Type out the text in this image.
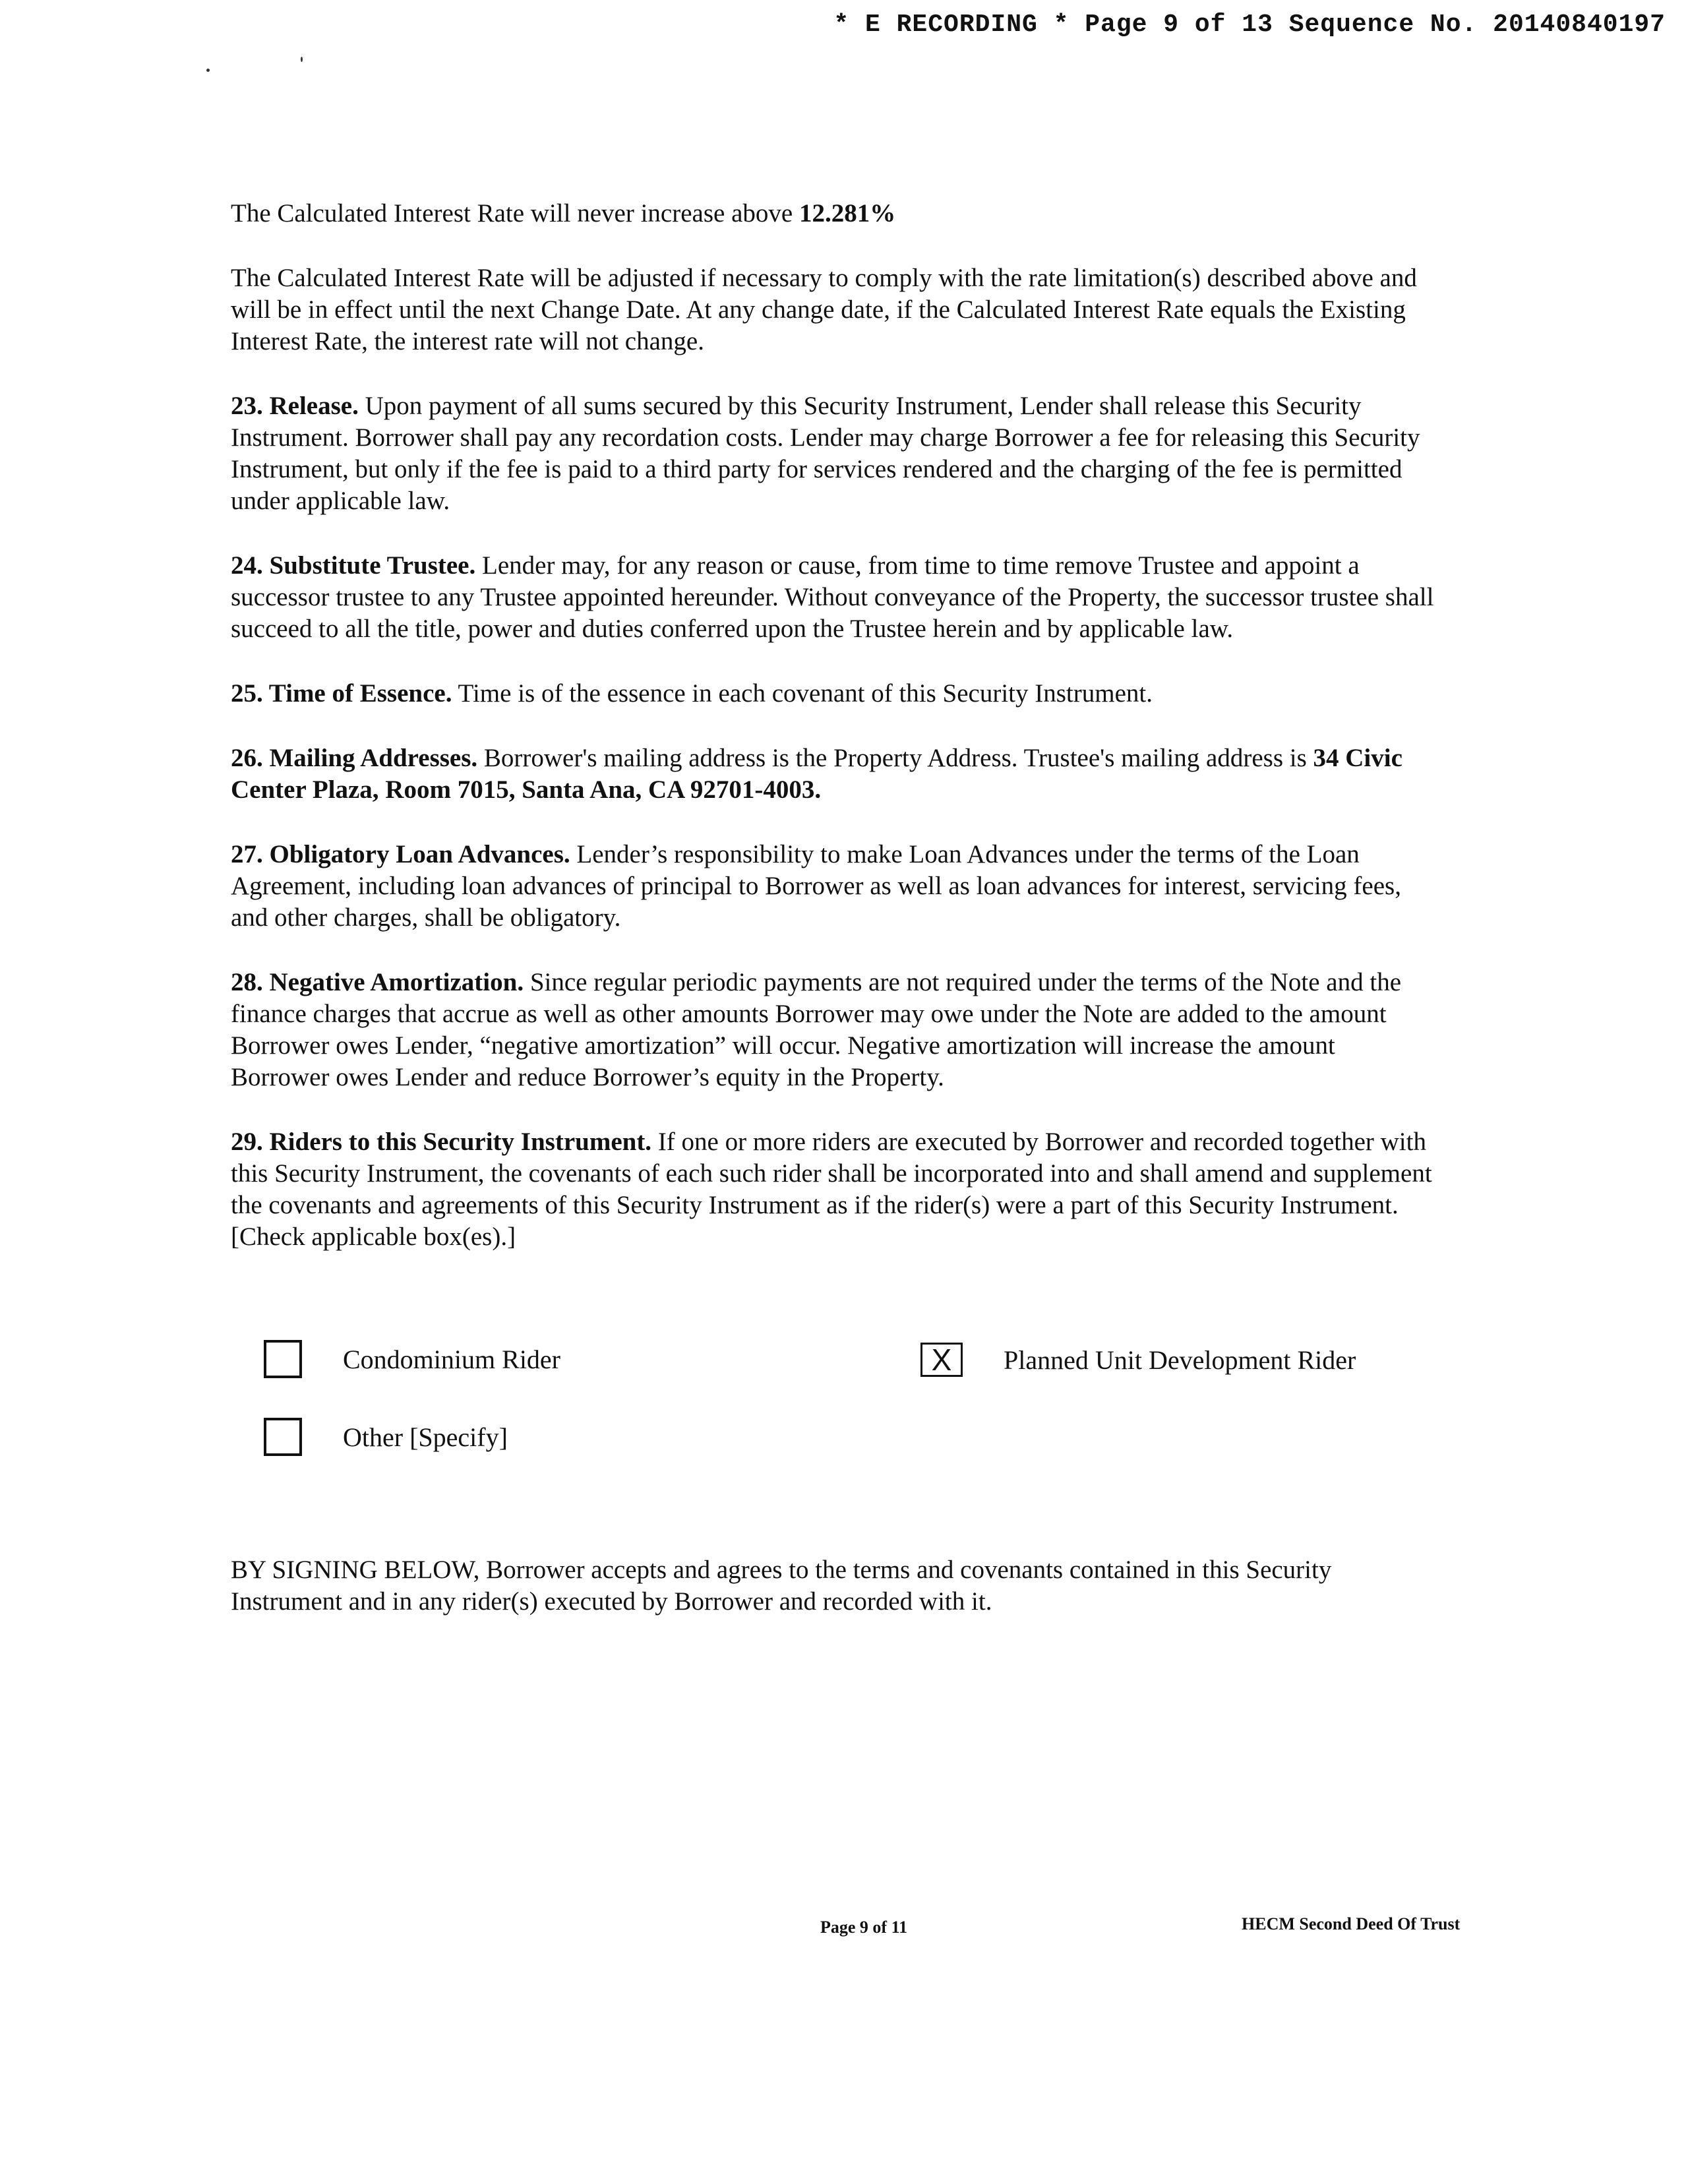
* E RECORDING * Page 9 of 13 Sequence No. 20140840197

The Calculated Interest Rate will never increase above 12.281%

The Calculated Interest Rate will be adjusted if necessary to comply with the rate limitation(s) described above and will be in effect until the next Change Date. At any change date, if the Calculated Interest Rate equals the Existing Interest Rate, the interest rate will not change.

23. Release. Upon payment of all sums secured by this Security Instrument, Lender shall release this Security Instrument. Borrower shall pay any recordation costs. Lender may charge Borrower a fee for releasing this Security Instrument, but only if the fee is paid to a third party for services rendered and the charging of the fee is permitted under applicable law.

24. Substitute Trustee. Lender may, for any reason or cause, from time to time remove Trustee and appoint a successor trustee to any Trustee appointed hereunder. Without conveyance of the Property, the successor trustee shall succeed to all the title, power and duties conferred upon the Trustee herein and by applicable law.

25. Time of Essence. Time is of the essence in each covenant of this Security Instrument.

26. Mailing Addresses. Borrower's mailing address is the Property Address. Trustee's mailing address is 34 Civic Center Plaza, Room 7015, Santa Ana, CA 92701-4003.

27. Obligatory Loan Advances. Lender’s responsibility to make Loan Advances under the terms of the Loan Agreement, including loan advances of principal to Borrower as well as loan advances for interest, servicing fees, and other charges, shall be obligatory.

28. Negative Amortization. Since regular periodic payments are not required under the terms of the Note and the finance charges that accrue as well as other amounts Borrower may owe under the Note are added to the amount Borrower owes Lender, “negative amortization” will occur. Negative amortization will increase the amount Borrower owes Lender and reduce Borrower’s equity in the Property.

29. Riders to this Security Instrument. If one or more riders are executed by Borrower and recorded together with this Security Instrument, the covenants of each such rider shall be incorporated into and shall amend and supplement the covenants and agreements of this Security Instrument as if the rider(s) were a part of this Security Instrument. [Check applicable box(es).]

Condominium Rider	X	Planned Unit Development Rider
Other [Specify]

BY SIGNING BELOW, Borrower accepts and agrees to the terms and covenants contained in this Security Instrument and in any rider(s) executed by Borrower and recorded with it.

Page 9 of 11	HECM Second Deed Of Trust
